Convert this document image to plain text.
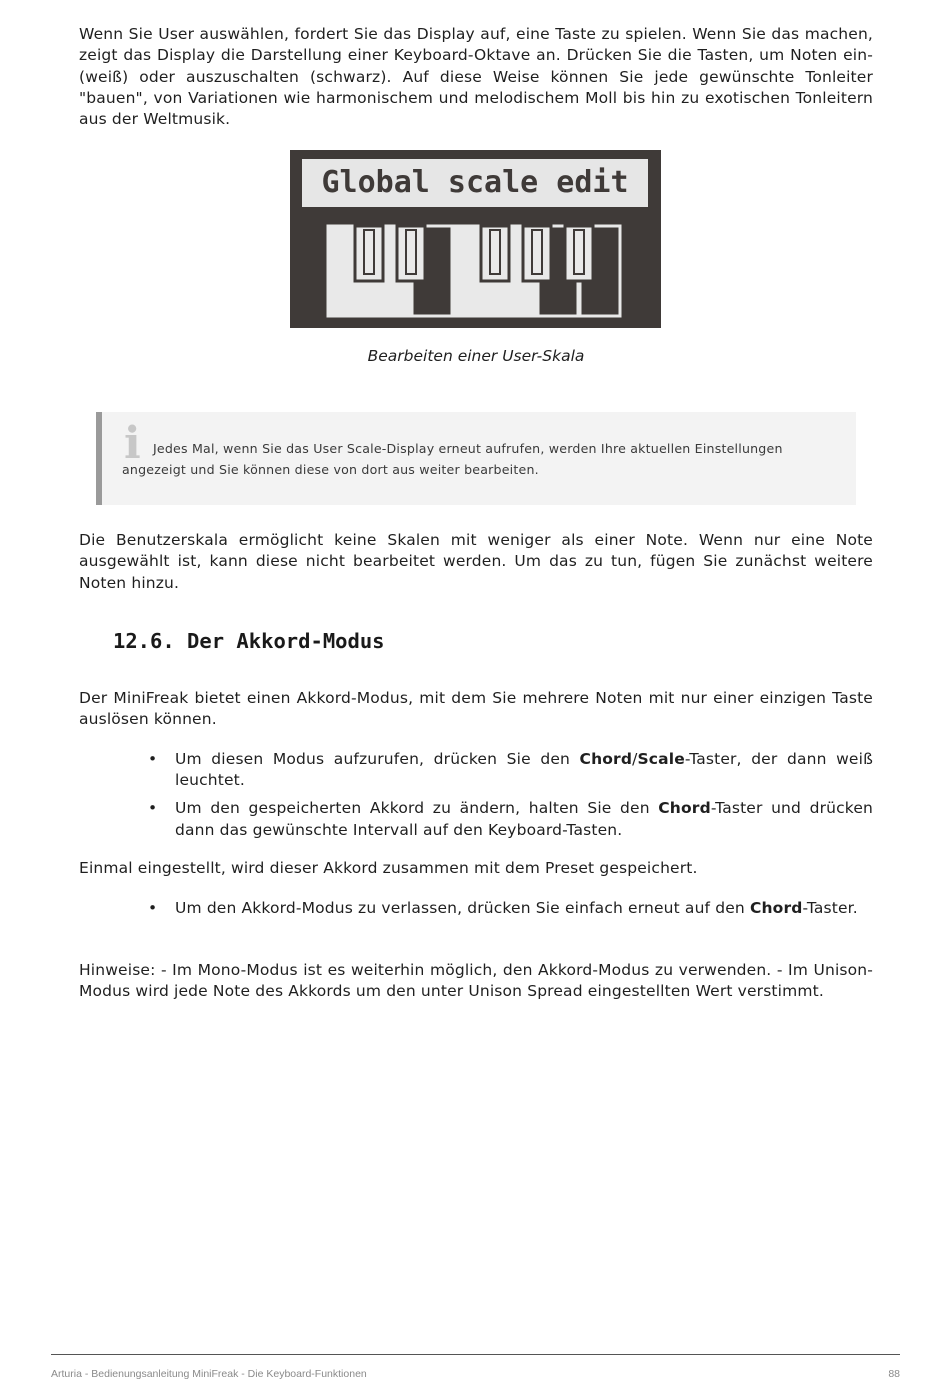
Wenn Sie User auswählen, fordert Sie das Display auf, eine Taste zu spielen. Wenn Sie das machen, zeigt das Display die Darstellung einer Keyboard-Oktave an. Drücken Sie die Tasten, um Noten ein- (weiß) oder auszuschalten (schwarz). Auf diese Weise können Sie jede gewünschte Tonleiter "bauen", von Variationen wie harmonischem und melodischem Moll bis hin zu exotischen Tonleitern aus der Weltmusik.

Global scale edit
Bearbeiten einer User-Skala
i Jedes Mal, wenn Sie das User Scale-Display erneut aufrufen, werden Ihre aktuellen Einstellungen angezeigt und Sie können diese von dort aus weiter bearbeiten.

Die Benutzerskala ermöglicht keine Skalen mit weniger als einer Note. Wenn nur eine Note ausgewählt ist, kann diese nicht bearbeitet werden. Um das zu tun, fügen Sie zunächst weitere Noten hinzu.

12.6. Der Akkord-Modus

Der MiniFreak bietet einen Akkord-Modus, mit dem Sie mehrere Noten mit nur einer einzigen Taste auslösen können.

• Um diesen Modus aufzurufen, drücken Sie den Chord/Scale-Taster, der dann weiß leuchtet.
• Um den gespeicherten Akkord zu ändern, halten Sie den Chord-Taster und drücken dann das gewünschte Intervall auf den Keyboard-Tasten.

Einmal eingestellt, wird dieser Akkord zusammen mit dem Preset gespeichert.

• Um den Akkord-Modus zu verlassen, drücken Sie einfach erneut auf den Chord-Taster.

Hinweise: - Im Mono-Modus ist es weiterhin möglich, den Akkord-Modus zu verwenden. - Im Unison-Modus wird jede Note des Akkords um den unter Unison Spread eingestellten Wert verstimmt.

Arturia - Bedienungsanleitung MiniFreak - Die Keyboard-Funktionen	88
